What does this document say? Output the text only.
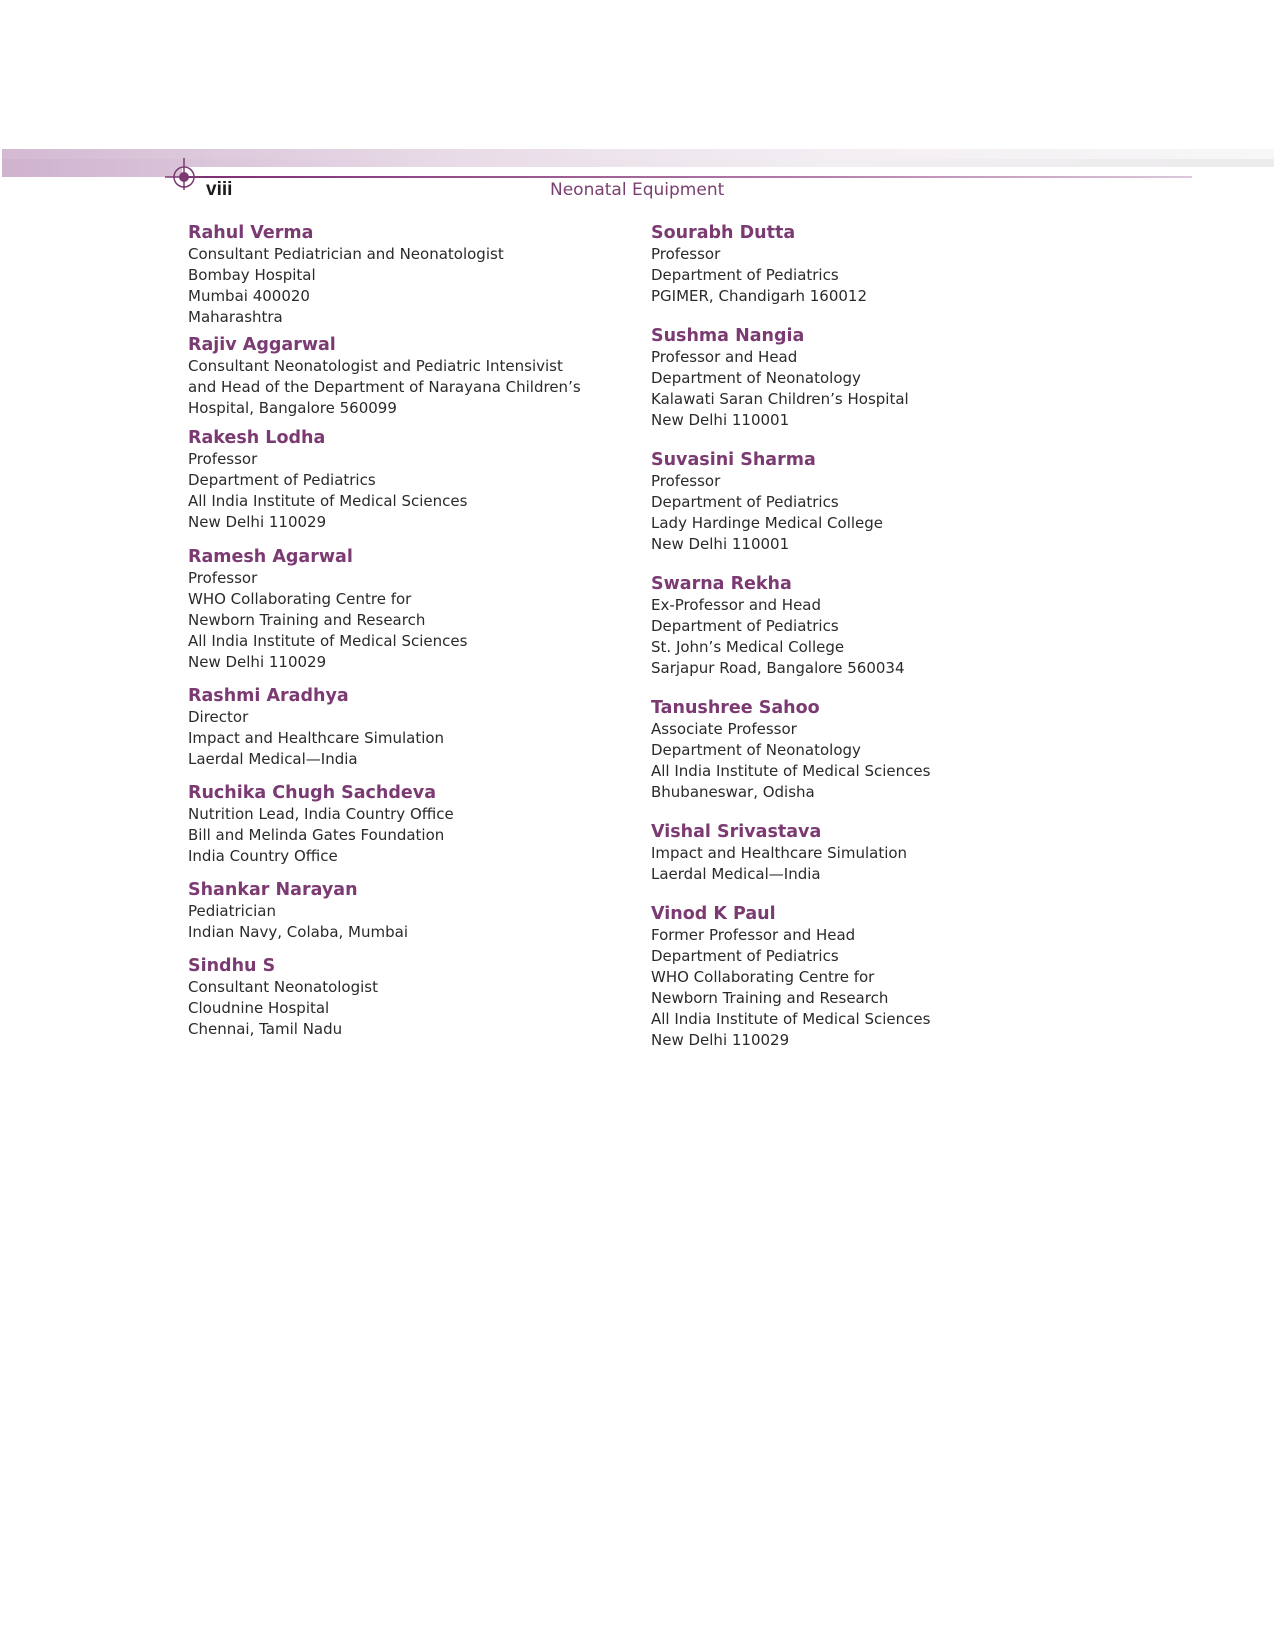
viii	Neonatal Equipment
Rahul Verma
Consultant Pediatrician and Neonatologist
Bombay Hospital
Mumbai 400020
Maharashtra
Rajiv Aggarwal
Consultant Neonatologist and Pediatric Intensivist
and Head of the Department of Narayana Children’s
Hospital, Bangalore 560099
Rakesh Lodha
Professor
Department of Pediatrics
All India Institute of Medical Sciences
New Delhi 110029
Ramesh Agarwal
Professor
WHO Collaborating Centre for
Newborn Training and Research
All India Institute of Medical Sciences
New Delhi 110029
Rashmi Aradhya
Director
Impact and Healthcare Simulation
Laerdal Medical—India
Ruchika Chugh Sachdeva
Nutrition Lead, India Country Office
Bill and Melinda Gates Foundation
India Country Office
Shankar Narayan
Pediatrician
Indian Navy, Colaba, Mumbai
Sindhu S
Consultant Neonatologist
Cloudnine Hospital
Chennai, Tamil Nadu
Sourabh Dutta
Professor
Department of Pediatrics
PGIMER, Chandigarh 160012
Sushma Nangia
Professor and Head
Department of Neonatology
Kalawati Saran Children’s Hospital
New Delhi 110001
Suvasini Sharma
Professor
Department of Pediatrics
Lady Hardinge Medical College
New Delhi 110001
Swarna Rekha
Ex-Professor and Head
Department of Pediatrics
St. John’s Medical College
Sarjapur Road, Bangalore 560034
Tanushree Sahoo
Associate Professor
Department of Neonatology
All India Institute of Medical Sciences
Bhubaneswar, Odisha
Vishal Srivastava
Impact and Healthcare Simulation
Laerdal Medical—India
Vinod K Paul
Former Professor and Head
Department of Pediatrics
WHO Collaborating Centre for
Newborn Training and Research
All India Institute of Medical Sciences
New Delhi 110029
